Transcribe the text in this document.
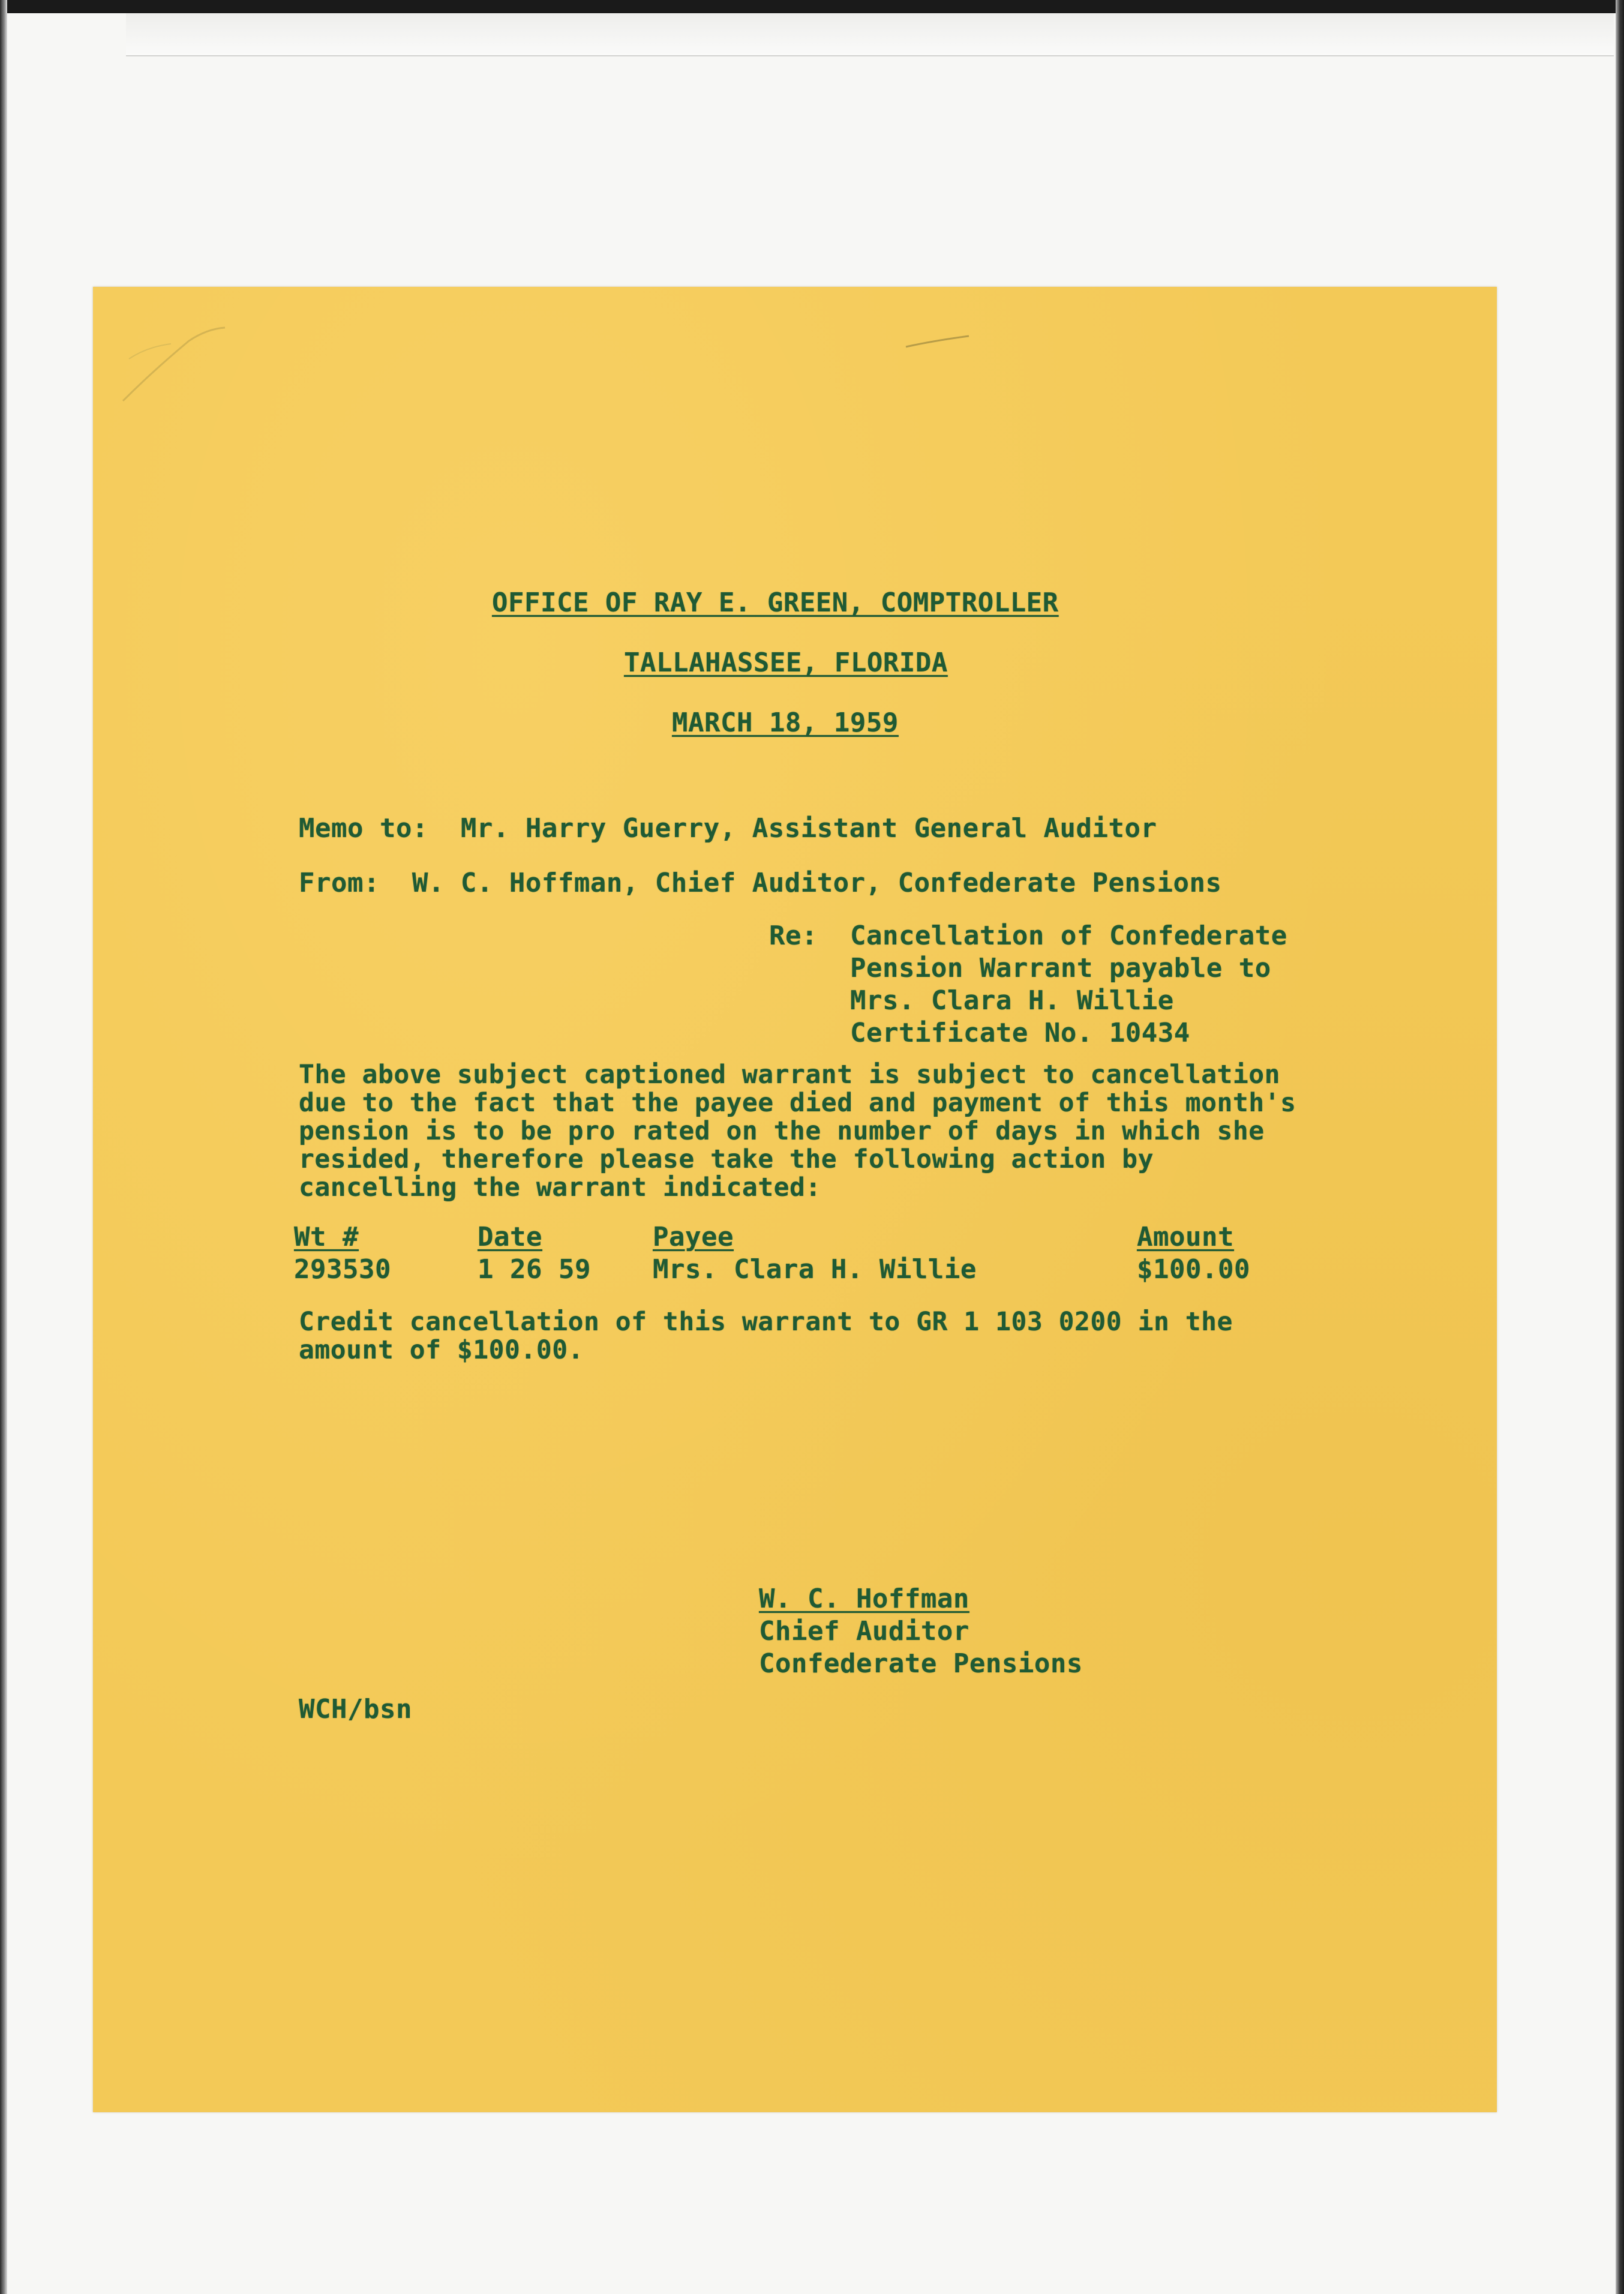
OFFICE OF RAY E. GREEN, COMPTROLLER
TALLAHASSEE, FLORIDA
MARCH 18, 1959
Memo to:  Mr. Harry Guerry, Assistant General Auditor
From:  W. C. Hoffman, Chief Auditor, Confederate Pensions
Re: Cancellation of Confederate
Pension Warrant payable to
Mrs. Clara H. Willie
Certificate No. 10434
The above subject captioned warrant is subject to cancellation
due to the fact that the payee died and payment of this month's
pension is to be pro rated on the number of days in which she
resided, therefore please take the following action by
cancelling the warrant indicated:
Wt #
293530
Date
1 26 59
Payee
Mrs. Clara H. Willie
Amount
$100.00
Credit cancellation of this warrant to GR 1 103 0200 in the
amount of $100.00.
W. C. Hoffman
Chief Auditor
Confederate Pensions
WCH/bsn
